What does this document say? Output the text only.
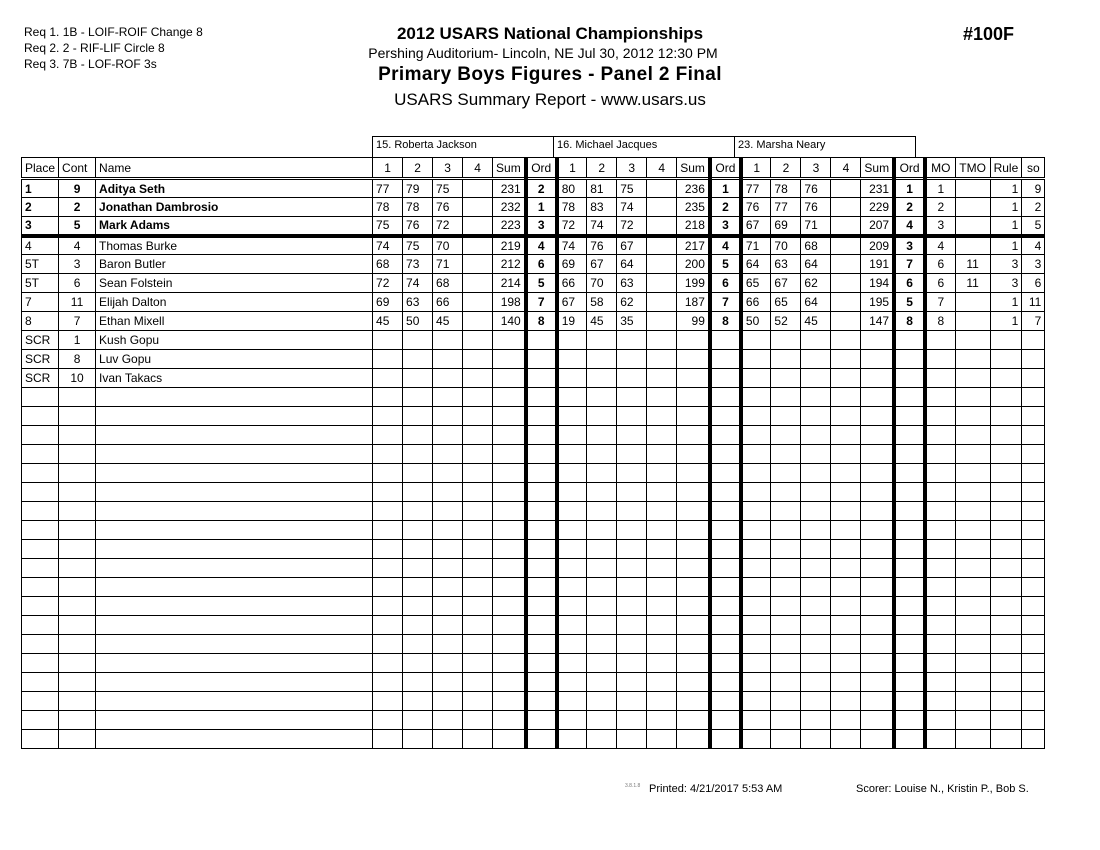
Req 1. 1B - LOIF-ROIF Change 8
Req 2. 2 - RIF-LIF Circle 8
Req 3. 7B - LOF-ROF 3s
2012 USARS National Championships
Pershing Auditorium- Lincoln, NE Jul 30, 2012 12:30 PM
Primary Boys Figures - Panel 2 Final
USARS Summary Report - www.usars.us
#100F
15. Roberta Jackson	16. Michael Jacques	23. Marsha Neary
Place	Cont	Name	1	2	3	4	Sum	Ord	1	2	3	4	Sum	Ord	1	2	3	4	Sum	Ord	MO	TMO	Rule	so
1	9	Aditya Seth	77	79	75		231	2	80	81	75		236	1	77	78	76		231	1	1		1	9
2	2	Jonathan Dambrosio	78	78	76		232	1	78	83	74		235	2	76	77	76		229	2	2		1	2
3	5	Mark Adams	75	76	72		223	3	72	74	72		218	3	67	69	71		207	4	3		1	5
4	4	Thomas Burke	74	75	70		219	4	74	76	67		217	4	71	70	68		209	3	4		1	4
5T	3	Baron Butler	68	73	71		212	6	69	67	64		200	5	64	63	64		191	7	6	11	3	3
5T	6	Sean Folstein	72	74	68		214	5	66	70	63		199	6	65	67	62		194	6	6	11	3	6
7	11	Elijah Dalton	69	63	66		198	7	67	58	62		187	7	66	65	64		195	5	7		1	11
8	7	Ethan Mixell	45	50	45		140	8	19	45	35		99	8	50	52	45		147	8	8		1	7
SCR	1	Kush Gopu																						
SCR	8	Luv Gopu																						
SCR	10	Ivan Takacs																						

3.8.1.8 Printed: 4/21/2017 5:53 AM	Scorer: Louise N., Kristin P., Bob S.
